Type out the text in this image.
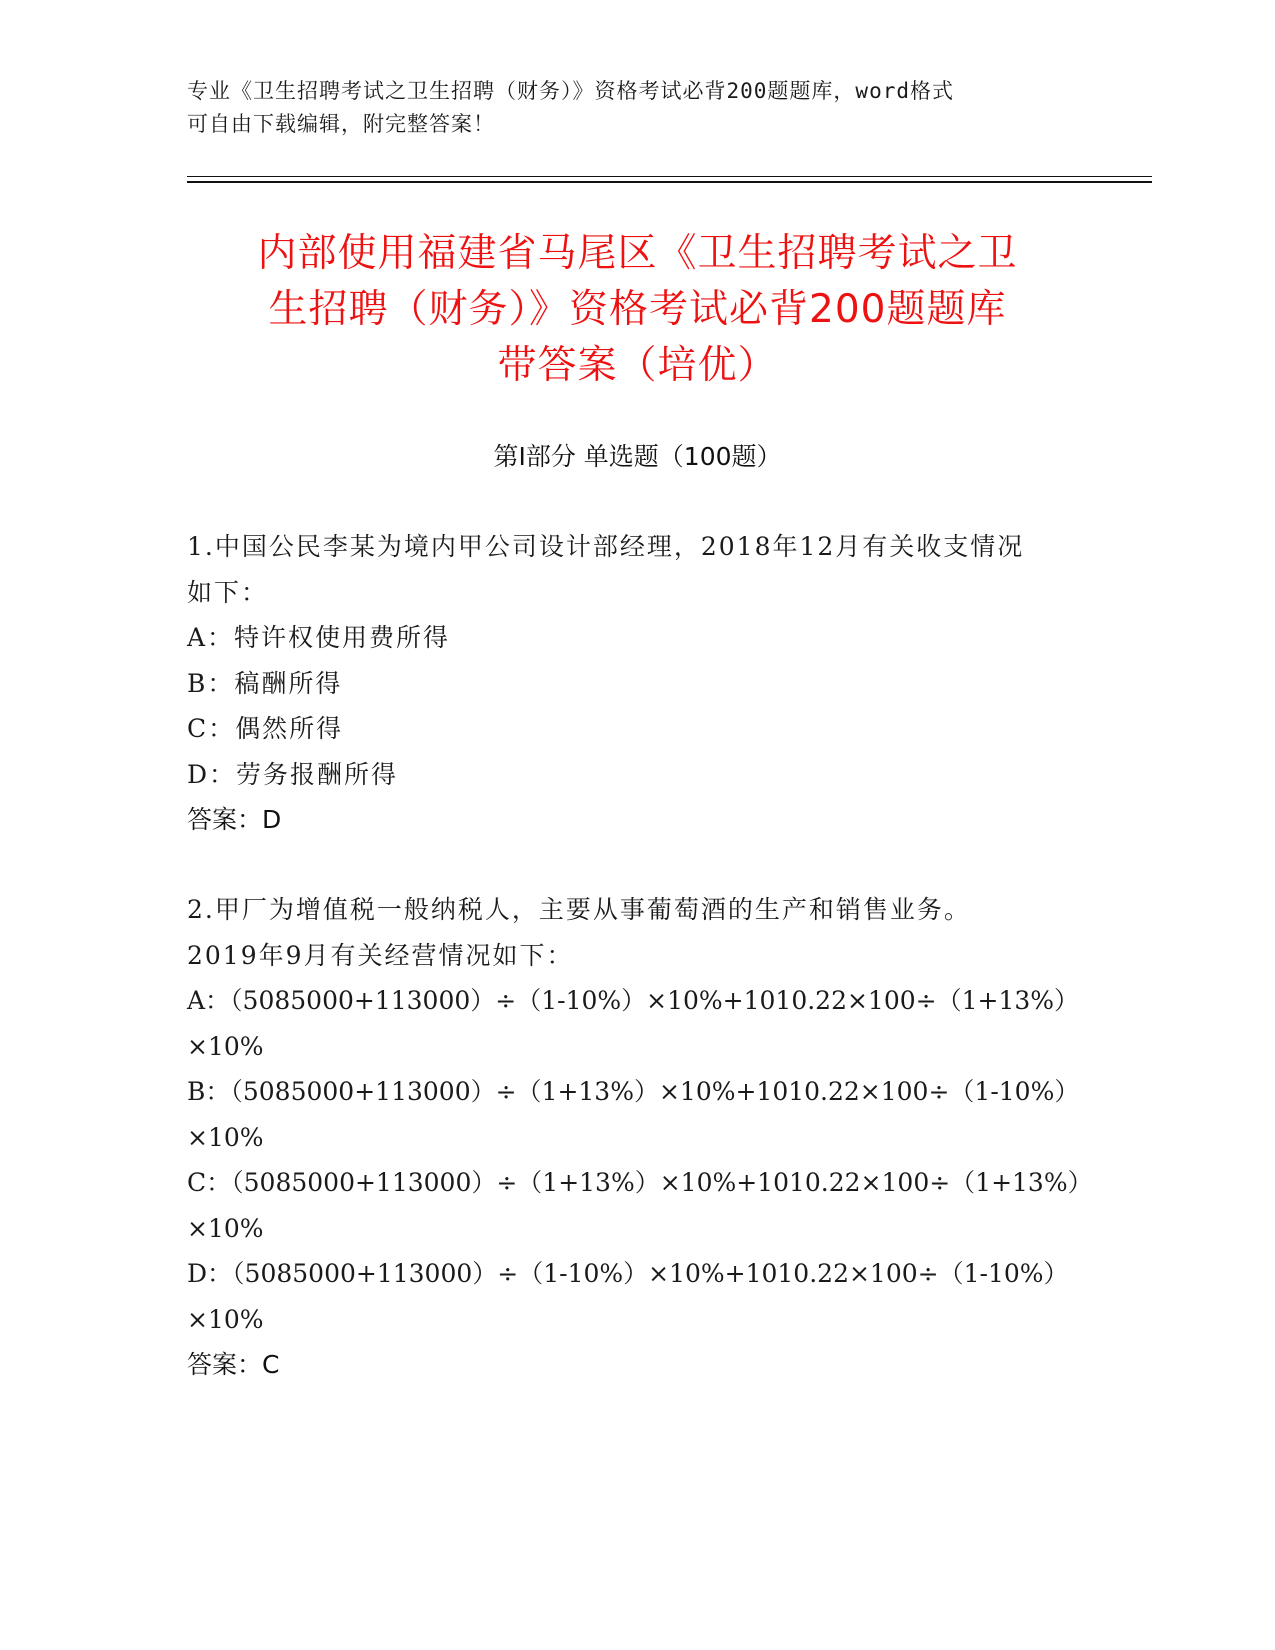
专业《卫生招聘考试之卫生招聘（财务）》资格考试必背200题题库，word格式
可自由下载编辑，附完整答案！
内部使用福建省马尾区《卫生招聘考试之卫
生招聘（财务）》资格考试必背200题题库
带答案（培优）
第Ⅰ部分 单选题（100题）
1.中国公民李某为境内甲公司设计部经理，2018年12月有关收支情况
如下：
A：特许权使用费所得
B：稿酬所得
C：偶然所得
D：劳务报酬所得
答案：D
2.甲厂为增值税一般纳税人，主要从事葡萄酒的生产和销售业务。
2019年9月有关经营情况如下：
A：（5085000+113000）÷（1-10%）×10%+1010.22×100÷（1+13%）
×10%
B：（5085000+113000）÷（1+13%）×10%+1010.22×100÷（1-10%）
×10%
C：（5085000+113000）÷（1+13%）×10%+1010.22×100÷（1+13%）
×10%
D：（5085000+113000）÷（1-10%）×10%+1010.22×100÷（1-10%）
×10%
答案：C
